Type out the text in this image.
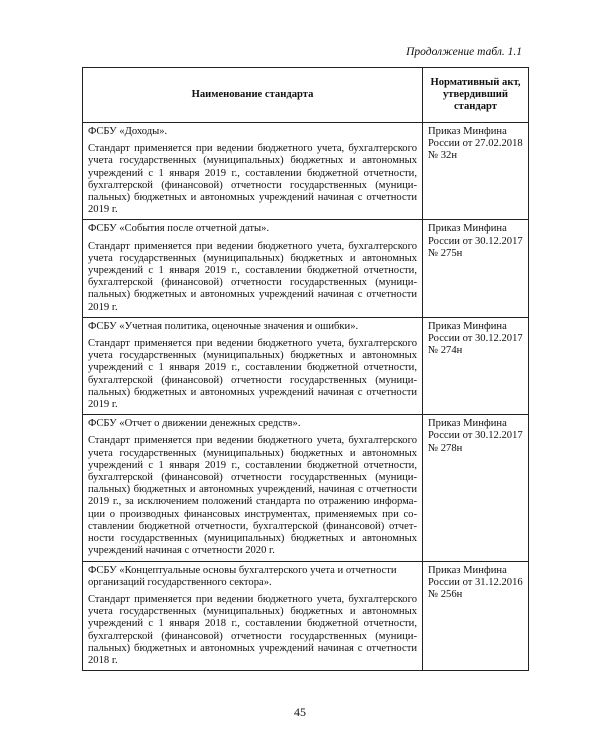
Продолжение табл. 1.1
Наименование стандарта	Нормативный акт, утвердивший стандарт

ФСБУ «Доходы».
Стандарт применяется при ведении бюджетного учета, бухгалтерского учета государственных (муниципальных) бюджетных и автономных учреждений с 1 января 2019 г., составлении бюджетной отчетности, бухгалтерской (финансовой) отчетности государственных (муниципальных) бюджетных и автономных учреждений начиная с отчетности 2019 г.	Приказ Минфина России от 27.02.2018 № 32н

ФСБУ «События после отчетной даты».
Стандарт применяется при ведении бюджетного учета, бухгалтерского учета государственных (муниципальных) бюджетных и автономных учреждений с 1 января 2019 г., составлении бюджетной отчетности, бухгалтерской (финансовой) отчетности государственных (муниципальных) бюджетных и автономных учреждений начиная с отчетности 2019 г.	Приказ Минфина России от 30.12.2017 № 275н

ФСБУ «Учетная политика, оценочные значения и ошибки».
Стандарт применяется при ведении бюджетного учета, бухгалтерского учета государственных (муниципальных) бюджетных и автономных учреждений с 1 января 2019 г., составлении бюджетной отчетности, бухгалтерской (финансовой) отчетности государственных (муниципальных) бюджетных и автономных учреждений начиная с отчетности 2019 г.	Приказ Минфина России от 30.12.2017 № 274н

ФСБУ «Отчет о движении денежных средств».
Стандарт применяется при ведении бюджетного учета, бухгалтерского учета государственных (муниципальных) бюджетных и автономных учреждений с 1 января 2019 г., составлении бюджетной отчетности, бухгалтерской (финансовой) отчетности государственных (муниципальных) бюджетных и автономных учреждений, начиная с отчетности 2019 г., за исключением положений стандарта по отражению информации о производных финансовых инструментах, применяемых при составлении бюджетной отчетности, бухгалтерской (финансовой) отчетности государственных (муниципальных) бюджетных и автономных учреждений начиная с отчетности 2020 г.	Приказ Минфина России от 30.12.2017 № 278н

ФСБУ «Концептуальные основы бухгалтерского учета и отчетности организаций государственного сектора».
Стандарт применяется при ведении бюджетного учета, бухгалтерского учета государственных (муниципальных) бюджетных и автономных учреждений с 1 января 2018 г., составлении бюджетной отчетности, бухгалтерской (финансовой) отчетности государственных (муниципальных) бюджетных и автономных учреждений начиная с отчетности 2018 г.	Приказ Минфина России от 31.12.2016 № 256н
45
